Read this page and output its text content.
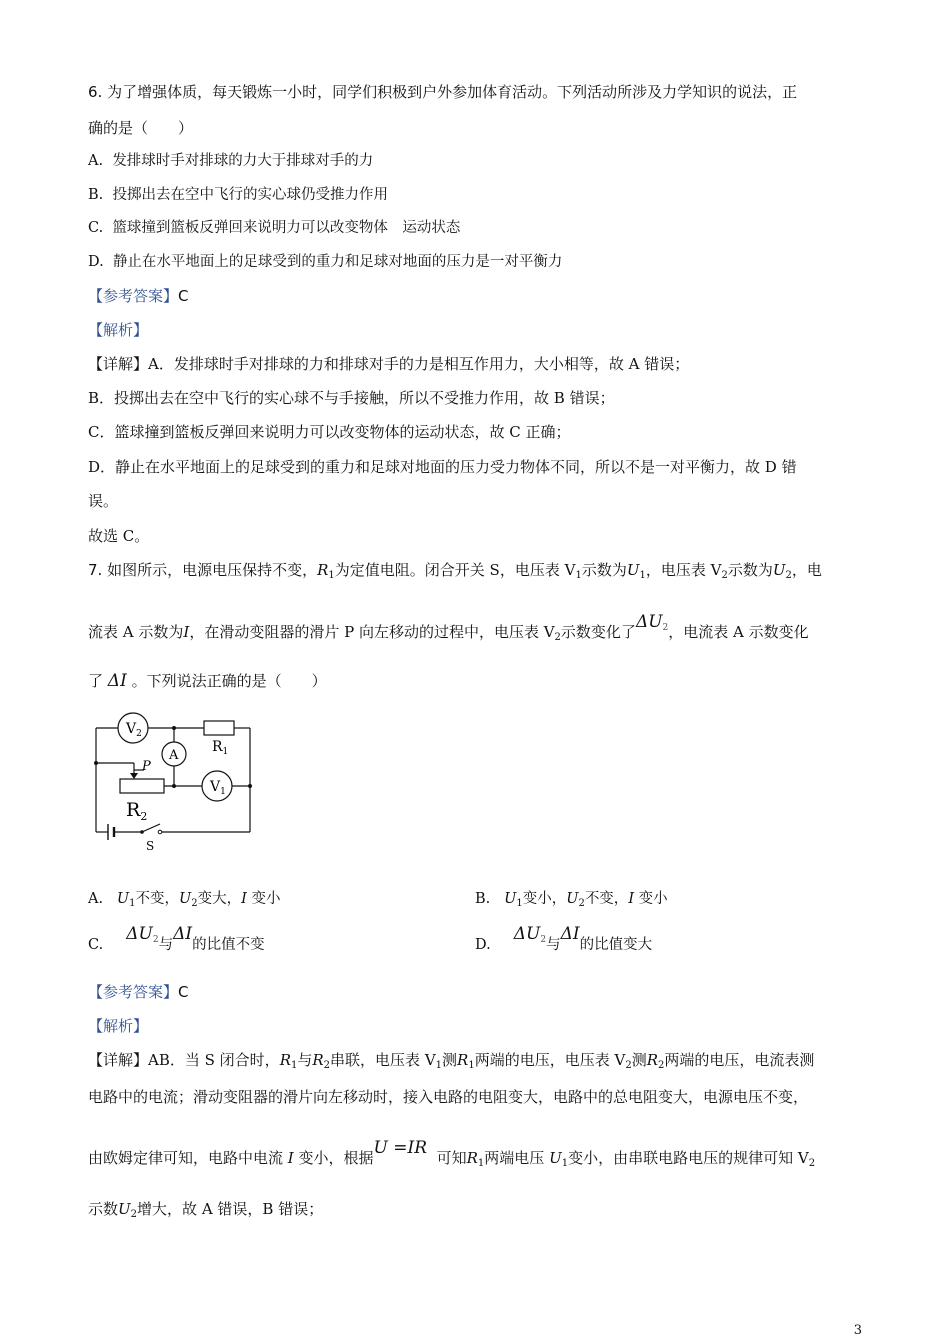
6. 为了增强体质，每天锻炼一小时，同学们积极到户外参加体育活动。下列活动所涉及力学知识的说法，正
确的是（　　）
A. 发排球时手对排球的力大于排球对手的力
B. 投掷出去在空中飞行的实心球仍受推力作用
C. 篮球撞到篮板反弹回来说明力可以改变物体　运动状态
D. 静止在水平地面上的足球受到的重力和足球对地面的压力是一对平衡力
【参考答案】C
【解析】
【详解】A．发排球时手对排球的力和排球对手的力是相互作用力，大小相等，故 A 错误；
B．投掷出去在空中飞行的实心球不与手接触，所以不受推力作用，故 B 错误；
C．篮球撞到篮板反弹回来说明力可以改变物体的运动状态，故 C 正确；
D．静止在水平地面上的足球受到的重力和足球对地面的压力受力物体不同，所以不是一对平衡力，故 D 错
误。
故选 C。
7. 如图所示，电源电压保持不变，$R_1$为定值电阻。闭合开关 S，电压表 $V_1$示数为$U_1$，电压表 $V_2$示数为$U_2$，电
流表 A 示数为I，在滑动变阻器的滑片 P 向左移动的过程中，电压表 $V_2$示数变化了$\Delta U_2$，电流表 A 示数变化
了 ΔI 。下列说法正确的是（　　）
$V_2$
A
$V_1$
$R_1$
$R_2$
P
S
A. $U_1$不变，$U_2$变大，I 变小	B. $U_1$变小，$U_2$不变，I 变小
C.     $\Delta U_2$与ΔI的比值不变	D.     $\Delta U_2$与ΔI的比值变大
【参考答案】C
【解析】
【详解】AB．当 S 闭合时，$R_1$与$R_2$串联，电压表 $V_1$测$R_1$两端的电压，电压表 $V_2$测$R_2$两端的电压，电流表测
电路中的电流；滑动变阻器的滑片向左移动时，接入电路的电阻变大，电路中的总电阻变大，电源电压不变，
由欧姆定律可知，电路中电流 I 变小，根据U =IR 可知$R_1$两端电压 $U_1$变小，由串联电路电压的规律可知 $V_2$
示数$U_2$增大，故 A 错误，B 错误；
3
